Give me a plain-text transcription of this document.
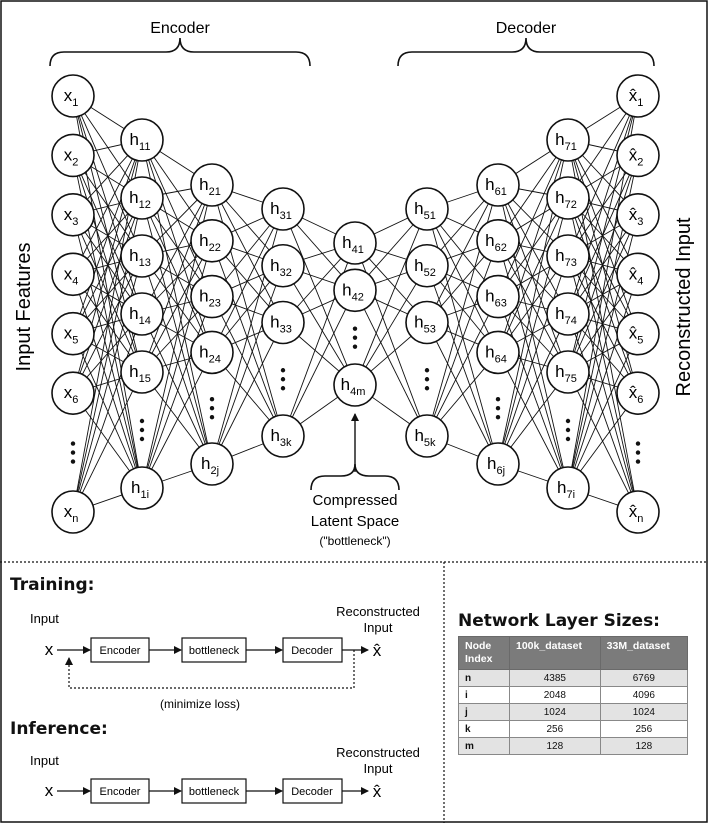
$x_1$
$x_2$
$x_3$
$x_4$
$x_5$
$x_6$
$x_n$
$h_{11}$
$h_{12}$
$h_{13}$
$h_{14}$
$h_{15}$
$h_{1i}$
$h_{21}$
$h_{22}$
$h_{23}$
$h_{24}$
$h_{2j}$
$h_{31}$
$h_{32}$
$h_{33}$
$h_{3k}$
$h_{41}$
$h_{42}$
$h_{4m}$
$h_{51}$
$h_{52}$
$h_{53}$
$h_{5k}$
$h_{61}$
$h_{62}$
$h_{63}$
$h_{64}$
$h_{6j}$
$h_{71}$
$h_{72}$
$h_{73}$
$h_{74}$
$h_{75}$
$h_{7i}$
$x̂_1$
$x̂_2$
$x̂_3$
$x̂_4$
$x̂_5$
$x̂_6$
$x̂_n$
Encoder	Decoder
Input Features	Reconstructed Input
Compressed
Latent Space
("bottleneck")
Input
x	Encoder	bottleneck	Decoder x̂
Reconstructed
Input
(minimize loss)
Input
x	Encoder	bottleneck	Decoder x̂
Reconstructed
Input
Training:
Inference:
Network Layer Sizes:
Node Index	100k_dataset	33M_dataset
n	4385	6769
i	2048	4096
j	1024	1024
k	256	256
m	128	128
